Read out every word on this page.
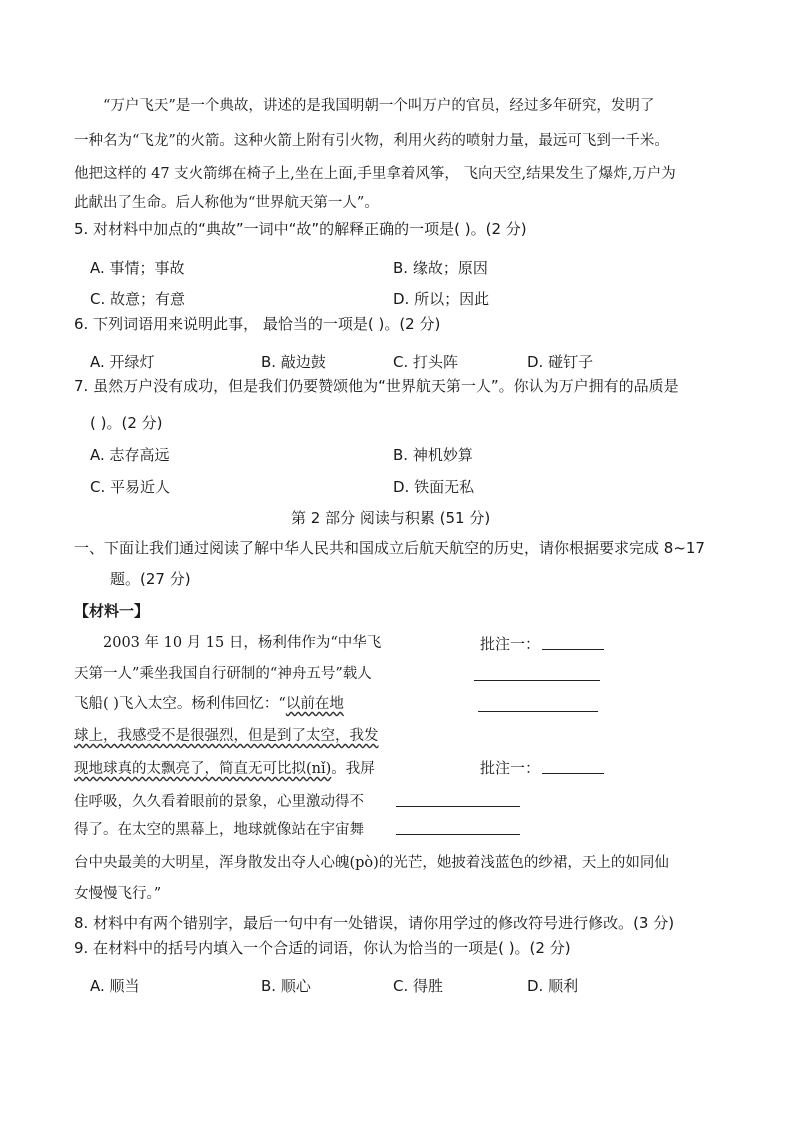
“万户飞天”是一个典故，讲述的是我国明朝一个叫万户的官员，经过多年研究，发明了
一种名为“飞龙”的火箭。这种火箭上附有引火物，利用火药的喷射力量，最远可飞到一千米。
他把这样的 47 支火箭绑在椅子上,坐在上面,手里拿着风筝， 飞向天空,结果发生了爆炸,万户为
此献出了生命。后人称他为“世界航天第一人”。
5. 对材料中加点的“典故”一词中“故”的解释正确的一项是( )。(2 分)
A. 事情；事故	B. 缘故；原因
C. 故意；有意	D. 所以；因此
6. 下列词语用来说明此事， 最恰当的一项是( )。(2 分)
A. 开绿灯	B. 敲边鼓	C. 打头阵	D. 碰钉子
7. 虽然万户没有成功，但是我们仍要赞颂他为“世界航天第一人”。你认为万户拥有的品质是
( )。(2 分)
A. 志存高远	B. 神机妙算
C. 平易近人	D. 铁面无私
第 2 部分 阅读与积累 (51 分)
一、下面让我们通过阅读了解中华人民共和国成立后航天航空的历史，请你根据要求完成 8~17
题。(27 分)
【材料一】
2003 年 10 月 15 日，杨利伟作为“中华飞
天第一人”乘坐我国自行研制的“神舟五号”载人
飞船( )飞入太空。杨利伟回忆：“以前在地
球上，我感受不是很强烈，但是到了太空，我发
现地球真的太飘亮了，简直无可比拟(nǐ)。我屏
住呼吸，久久看着眼前的景象，心里激动得不
得了。在太空的黑幕上，地球就像站在宇宙舞
台中央最美的大明星，浑身散发出夺人心魄(pò)的光芒，她披着浅蓝色的纱裙，天上的如同仙
女慢慢飞行。”
批注一：
批注一：
8. 材料中有两个错别字，最后一句中有一处错误，请你用学过的修改符号进行修改。(3 分)
9. 在材料中的括号内填入一个合适的词语，你认为恰当的一项是( )。(2 分)
A. 顺当	B. 顺心	C. 得胜	D. 顺利
